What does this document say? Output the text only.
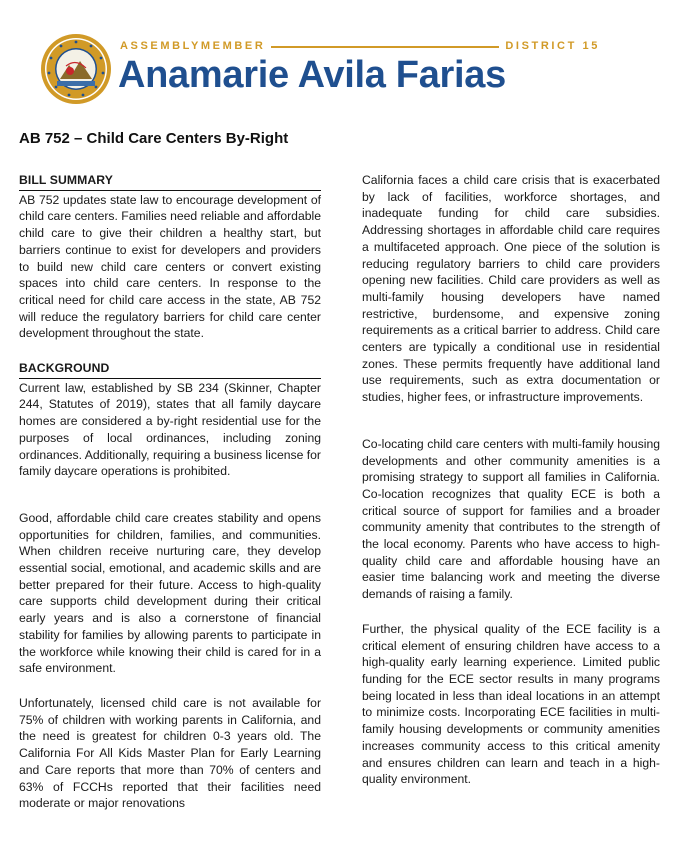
ASSEMBLYMEMBER	DISTRICT 15
Anamarie Avila Farias
AB 752 – Child Care Centers By-Right
BILL SUMMARY

AB 752 updates state law to encourage development of child care centers. Families need reliable and affordable child care to give their children a healthy start, but barriers continue to exist for developers and providers to build new child care centers or convert existing spaces into child care centers. In response to the critical need for child care access in the state, AB 752 will reduce the regulatory barriers for child care center development throughout the state.

BACKGROUND

Current law, established by SB 234 (Skinner, Chapter 244, Statutes of 2019), states that all family daycare homes are considered a by-right residential use for the purposes of local ordinances, including zoning ordinances. Additionally, requiring a business license for family daycare operations is prohibited.

Good, affordable child care creates stability and opens opportunities for children, families, and communities. When children receive nurturing care, they develop essential social, emotional, and academic skills and are better prepared for their future. Access to high-quality care supports child development during their critical early years and is also a cornerstone of financial stability for families by allowing parents to participate in the workforce while knowing their child is cared for in a safe environment.

Unfortunately, licensed child care is not available for 75% of children with working parents in California, and the need is greatest for children 0-3 years old. The California For All Kids Master Plan for Early Learning and Care reports that more than 70% of centers and 63% of FCCHs reported that their facilities need moderate or major renovations

California faces a child care crisis that is exacerbated by lack of facilities, workforce shortages, and inadequate funding for child care subsidies. Addressing shortages in affordable child care requires a multifaceted approach. One piece of the solution is reducing regulatory barriers to child care providers opening new facilities. Child care providers as well as multi-family housing developers have named restrictive, burdensome, and expensive zoning requirements as a critical barrier to address. Child care centers are typically a conditional use in residential zones. These permits frequently have additional land use requirements, such as extra documentation or studies, higher fees, or infrastructure improvements.

Co-locating child care centers with multi-family housing developments and other community amenities is a promising strategy to support all families in California. Co-location recognizes that quality ECE is both a critical source of support for families and a broader community amenity that contributes to the strength of the local economy. Parents who have access to high-quality child care and affordable housing have an easier time balancing work and meeting the diverse demands of raising a family.

Further, the physical quality of the ECE facility is a critical element of ensuring children have access to a high-quality early learning experience. Limited public funding for the ECE sector results in many programs being located in less than ideal locations in an attempt to minimize costs. Incorporating ECE facilities in multi-family housing developments or community amenities increases community access to this critical amenity and ensures children can learn and teach in a high-quality environment.
